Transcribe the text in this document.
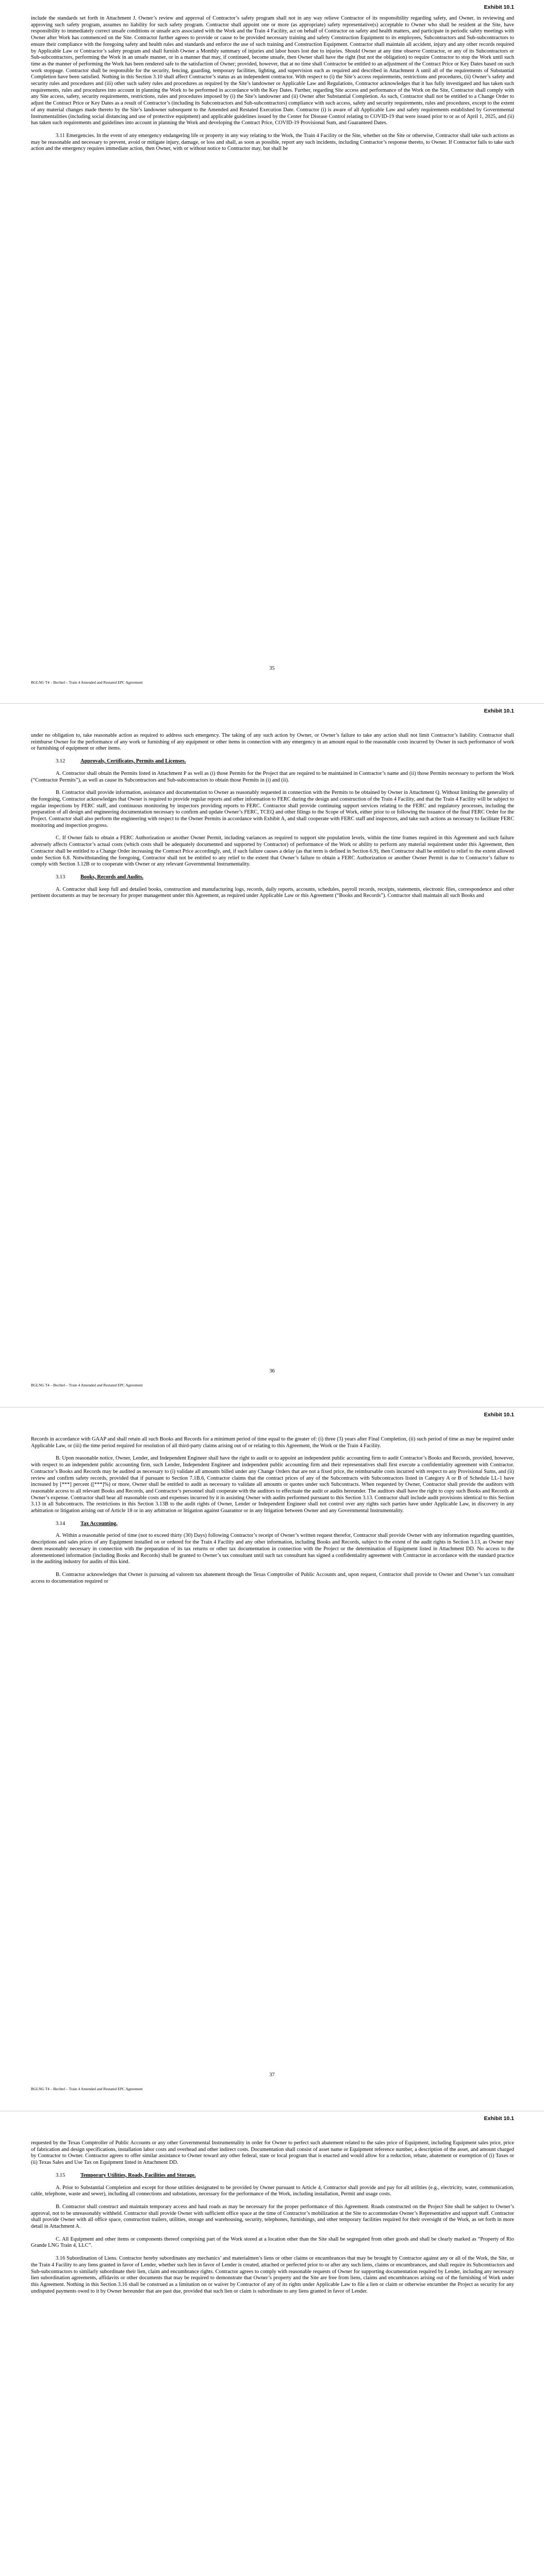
Exhibit 10.1

include the standards set forth in Attachment J. Owner’s review and approval of Contractor’s safety program shall not in any way relieve Contractor of its responsibility regarding safety, and Owner, in reviewing and approving such safety program, assumes no liability for such safety program. Contractor shall appoint one or more (as appropriate) safety representative(s) acceptable to Owner who shall be resident at the Site, have responsibility to immediately correct unsafe conditions or unsafe acts associated with the Work and the Train 4 Facility, act on behalf of Contractor on safety and health matters, and participate in periodic safety meetings with Owner after Work has commenced on the Site. Contractor further agrees to provide or cause to be provided necessary training and safety Construction Equipment to its employees, Subcontractors and Sub-subcontractors to ensure their compliance with the foregoing safety and health rules and standards and enforce the use of such training and Construction Equipment. Contractor shall maintain all accident, injury and any other records required by Applicable Law or Contractor’s safety program and shall furnish Owner a Monthly summary of injuries and labor hours lost due to injuries. Should Owner at any time observe Contractor, or any of its Subcontractors or Sub-subcontractors, performing the Work in an unsafe manner, or in a manner that may, if continued, become unsafe, then Owner shall have the right (but not the obligation) to require Contractor to stop the Work until such time as the manner of performing the Work has been rendered safe to the satisfaction of Owner; provided, however, that at no time shall Contractor be entitled to an adjustment of the Contract Price or Key Dates based on such work stoppage. Contractor shall be responsible for the security, fencing, guarding, temporary facilities, lighting, and supervision each as required and described in Attachment A until all of the requirements of Substantial Completion have been satisfied. Nothing in this Section 3.10 shall affect Contractor’s status as an independent contractor. With respect to (i) the Site’s access requirements, restrictions and procedures, (ii) Owner’s safety and security rules and procedures and (iii) other such safety rules and procedures as required by the Site’s landowner or Applicable Law and Regulations, Contractor acknowledges that it has fully investigated and has taken such requirements, rules and procedures into account in planning the Work to be performed in accordance with the Key Dates. Further, regarding Site access and performance of the Work on the Site, Contractor shall comply with any Site access, safety, security requirements, restrictions, rules and procedures imposed by (i) the Site’s landowner and (ii) Owner after Substantial Completion. As such, Contractor shall not be entitled to a Change Order to adjust the Contract Price or Key Dates as a result of Contractor’s (including its Subcontractors and Sub-subcontractors) compliance with such access, safety and security requirements, rules and procedures, except to the extent of any material changes made thereto by the Site’s landowner subsequent to the Amended and Restated Execution Date. Contractor (i) is aware of all Applicable Law and safety requirements established by Governmental Instrumentalities (including social distancing and use of protective equipment) and applicable guidelines issued by the Center for Disease Control relating to COVID-19 that were issued prior to or as of April 1, 2025, and (ii) has taken such requirements and guidelines into account in planning the Work and developing the Contract Price, COVID-19 Provisional Sum, and Guaranteed Dates.

3.11 Emergencies. In the event of any emergency endangering life or property in any way relating to the Work, the Train 4 Facility or the Site, whether on the Site or otherwise, Contractor shall take such actions as may be reasonable and necessary to prevent, avoid or mitigate injury, damage, or loss and shall, as soon as possible, report any such incidents, including Contractor’s response thereto, to Owner. If Contractor fails to take such action and the emergency requires immediate action, then Owner, with or without notice to Contractor may, but shall be

35
BGLNG T4 – Bechtel – Train 4 Amended and Restated EPC Agreement
Exhibit 10.1

under no obligation to, take reasonable action as required to address such emergency. The taking of any such action by Owner, or Owner’s failure to take any action shall not limit Contractor’s liability. Contractor shall reimburse Owner for the performance of any work or furnishing of any equipment or other items in connection with any emergency in an amount equal to the reasonable costs incurred by Owner in such performance of work or furnishing of equipment or other items.

3.12	Approvals, Certificates, Permits and Licenses.

A. Contractor shall obtain the Permits listed in Attachment P as well as (i) those Permits for the Project that are required to be maintained in Contractor’s name and (ii) those Permits necessary to perform the Work (“Contractor Permits”), as well as cause its Subcontractors and Sub-subcontractors to obtain those Permits in (i) and (ii).

B. Contractor shall provide information, assistance and documentation to Owner as reasonably requested in connection with the Permits to be obtained by Owner in Attachment Q. Without limiting the generality of the foregoing, Contractor acknowledges that Owner is required to provide regular reports and other information to FERC during the design and construction of the Train 4 Facility, and that the Train 4 Facility will be subject to regular inspections by FERC staff, and continuous monitoring by inspectors providing reports to FERC. Contractor shall provide continuing support services relating to the FERC and regulatory processes, including the preparation of all design and engineering documentation necessary to confirm and update Owner’s FERC, TCEQ and other filings to the Scope of Work, either prior to or following the issuance of the final FERC Order for the Project. Contractor shall also perform the engineering with respect to the Owner Permits in accordance with Exhibit A, and shall cooperate with FERC staff and inspectors, and take such actions as necessary to facilitate FERC monitoring and inspection progress.

C. If Owner fails to obtain a FERC Authorization or another Owner Permit, including variances as required to support site population levels, within the time frames required in this Agreement and such failure adversely affects Contractor’s actual costs (which costs shall be adequately documented and supported by Contractor) of performance of the Work or ability to perform any material requirement under this Agreement, then Contractor shall be entitled to a Change Order increasing the Contract Price accordingly, and, if such failure causes a delay (as that term is defined in Section 6.9), then Contractor shall be entitled to relief to the extent allowed under Section 6.8. Notwithstanding the foregoing, Contractor shall not be entitled to any relief to the extent that Owner’s failure to obtain a FERC Authorization or another Owner Permit is due to Contractor’s failure to comply with Section 3.12B or to cooperate with Owner or any relevant Governmental Instrumentality.

3.13	Books, Records and Audits.

A. Contractor shall keep full and detailed books, construction and manufacturing logs, records, daily reports, accounts, schedules, payroll records, receipts, statements, electronic files, correspondence and other pertinent documents as may be necessary for proper management under this Agreement, as required under Applicable Law or this Agreement (“Books and Records”). Contractor shall maintain all such Books and

36
BGLNG T4 – Bechtel – Train 4 Amended and Restated EPC Agreement
Exhibit 10.1

Records in accordance with GAAP and shall retain all such Books and Records for a minimum period of time equal to the greater of: (i) three (3) years after Final Completion, (ii) such period of time as may be required under Applicable Law, or (iii) the time period required for resolution of all third-party claims arising out of or relating to this Agreement, the Work or the Train 4 Facility.

B. Upon reasonable notice, Owner, Lender, and Independent Engineer shall have the right to audit or to appoint an independent public accounting firm to audit Contractor’s Books and Records, provided, however, with respect to an independent public accounting firm, such Lender, Independent Engineer and independent public accounting firm and their representatives shall first execute a confidentiality agreement with Contractor. Contractor’s Books and Records may be audited as necessary to (i) validate all amounts billed under any Change Orders that are not a fixed price, the reimbursable costs incurred with respect to any Provisional Sums, and (ii) review and confirm safety records, provided that if pursuant to Section 7.1B.6, Contractor claims that the contract prices of any of the Subcontracts with Subcontractors listed in Category A or B of Schedule LL-1 have increased by [***] percent ([***]%) or more, Owner shall be entitled to audit as necessary to validate all amounts or quotes under such Subcontracts. When requested by Owner, Contractor shall provide the auditors with reasonable access to all relevant Books and Records, and Contractor’s personnel shall cooperate with the auditors to effectuate the audit or audits hereunder. The auditors shall have the right to copy such Books and Records at Owner’s expense. Contractor shall bear all reasonable costs and expenses incurred by it in assisting Owner with audits performed pursuant to this Section 3.13. Contractor shall include audit provisions identical to this Section 3.13 in all Subcontracts. The restrictions in this Section 3.13B to the audit rights of Owner, Lender or Independent Engineer shall not control over any rights such parties have under Applicable Law, in discovery in any arbitration or litigation arising out of Article 18 or in any arbitration or litigation against Guarantor or in any litigation between Owner and any Governmental Instrumentality.

3.14	Tax Accounting.

A. Within a reasonable period of time (not to exceed thirty (30) Days) following Contractor’s receipt of Owner’s written request therefor, Contractor shall provide Owner with any information regarding quantities, descriptions and sales prices of any Equipment installed on or ordered for the Train 4 Facility and any other information, including Books and Records, subject to the extent of the audit rights in Section 3.13, as Owner may deem reasonably necessary in connection with the preparation of its tax returns or other tax documentation in connection with the Project or the determination of Equipment listed in Attachment DD. No access to the aforementioned information (including Books and Records) shall be granted to Owner’s tax consultant until such tax consultant has signed a confidentiality agreement with Contractor in accordance with the standard practice in the auditing industry for audits of this kind.

B. Contractor acknowledges that Owner is pursuing ad valorem tax abatement through the Texas Comptroller of Public Accounts and, upon request, Contractor shall provide to Owner and Owner’s tax consultant access to documentation required or

37
BGLNG T4 – Bechtel – Train 4 Amended and Restated EPC Agreement
Exhibit 10.1

requested by the Texas Comptroller of Public Accounts or any other Governmental Instrumentality in order for Owner to perfect such abatement related to the sales price of Equipment, including Equipment sales price, price of fabrication and design specifications, installation labor costs and overhead and other indirect costs. Documentation shall consist of asset name or Equipment reference number, a description of the asset, and amount charged by Contractor to Owner. Contractor agrees to offer similar assistance to Owner toward any other federal, state or local program that is enacted and would allow for a reduction, rebate, abatement or exemption of (i) Taxes or (ii) Texas Sales and Use Tax on Equipment listed in Attachment DD.

3.15	Temporary Utilities, Roads, Facilities and Storage.

A. Prior to Substantial Completion and except for those utilities designated to be provided by Owner pursuant to Article 4, Contractor shall provide and pay for all utilities (e.g., electricity, water, communication, cable, telephone, waste and sewer), including all connections and substations, necessary for the performance of the Work, including installation, Permit and usage costs.

B. Contractor shall construct and maintain temporary access and haul roads as may be necessary for the proper performance of this Agreement. Roads constructed on the Project Site shall be subject to Owner’s approval, not to be unreasonably withheld. Contractor shall provide Owner with sufficient office space at the time of Contractor’s mobilization at the Site to accommodate Owner’s Representative and support staff. Contractor shall provide Owner with all office space, construction trailers, utilities, storage and warehousing, security, telephones, furnishings, and other temporary facilities required for their oversight of the Work, as set forth in more detail in Attachment A.

C. All Equipment and other items or components thereof comprising part of the Work stored at a location other than the Site shall be segregated from other goods and shall be clearly marked as “Property of Rio Grande LNG Train 4, LLC”.

3.16 Subordination of Liens. Contractor hereby subordinates any mechanics’ and materialmen’s liens or other claims or encumbrances that may be brought by Contractor against any or all of the Work, the Site, or the Train 4 Facility to any liens granted in favor of Lender, whether such lien in favor of Lender is created, attached or perfected prior to or after any such liens, claims or encumbrances, and shall require its Subcontractors and Sub-subcontractors to similarly subordinate their lien, claim and encumbrance rights. Contractor agrees to comply with reasonable requests of Owner for supporting documentation required by Lender, including any necessary lien subordination agreements, affidavits or other documents that may be required to demonstrate that Owner’s property and the Site are free from liens, claims and encumbrances arising out of the furnishing of Work under this Agreement. Nothing in this Section 3.16 shall be construed as a limitation on or waiver by Contractor of any of its rights under Applicable Law to file a lien or claim or otherwise encumber the Project as security for any undisputed payments owed to it by Owner hereunder that are past due, provided that such lien or claim is subordinate to any liens granted in favor of Lender.
